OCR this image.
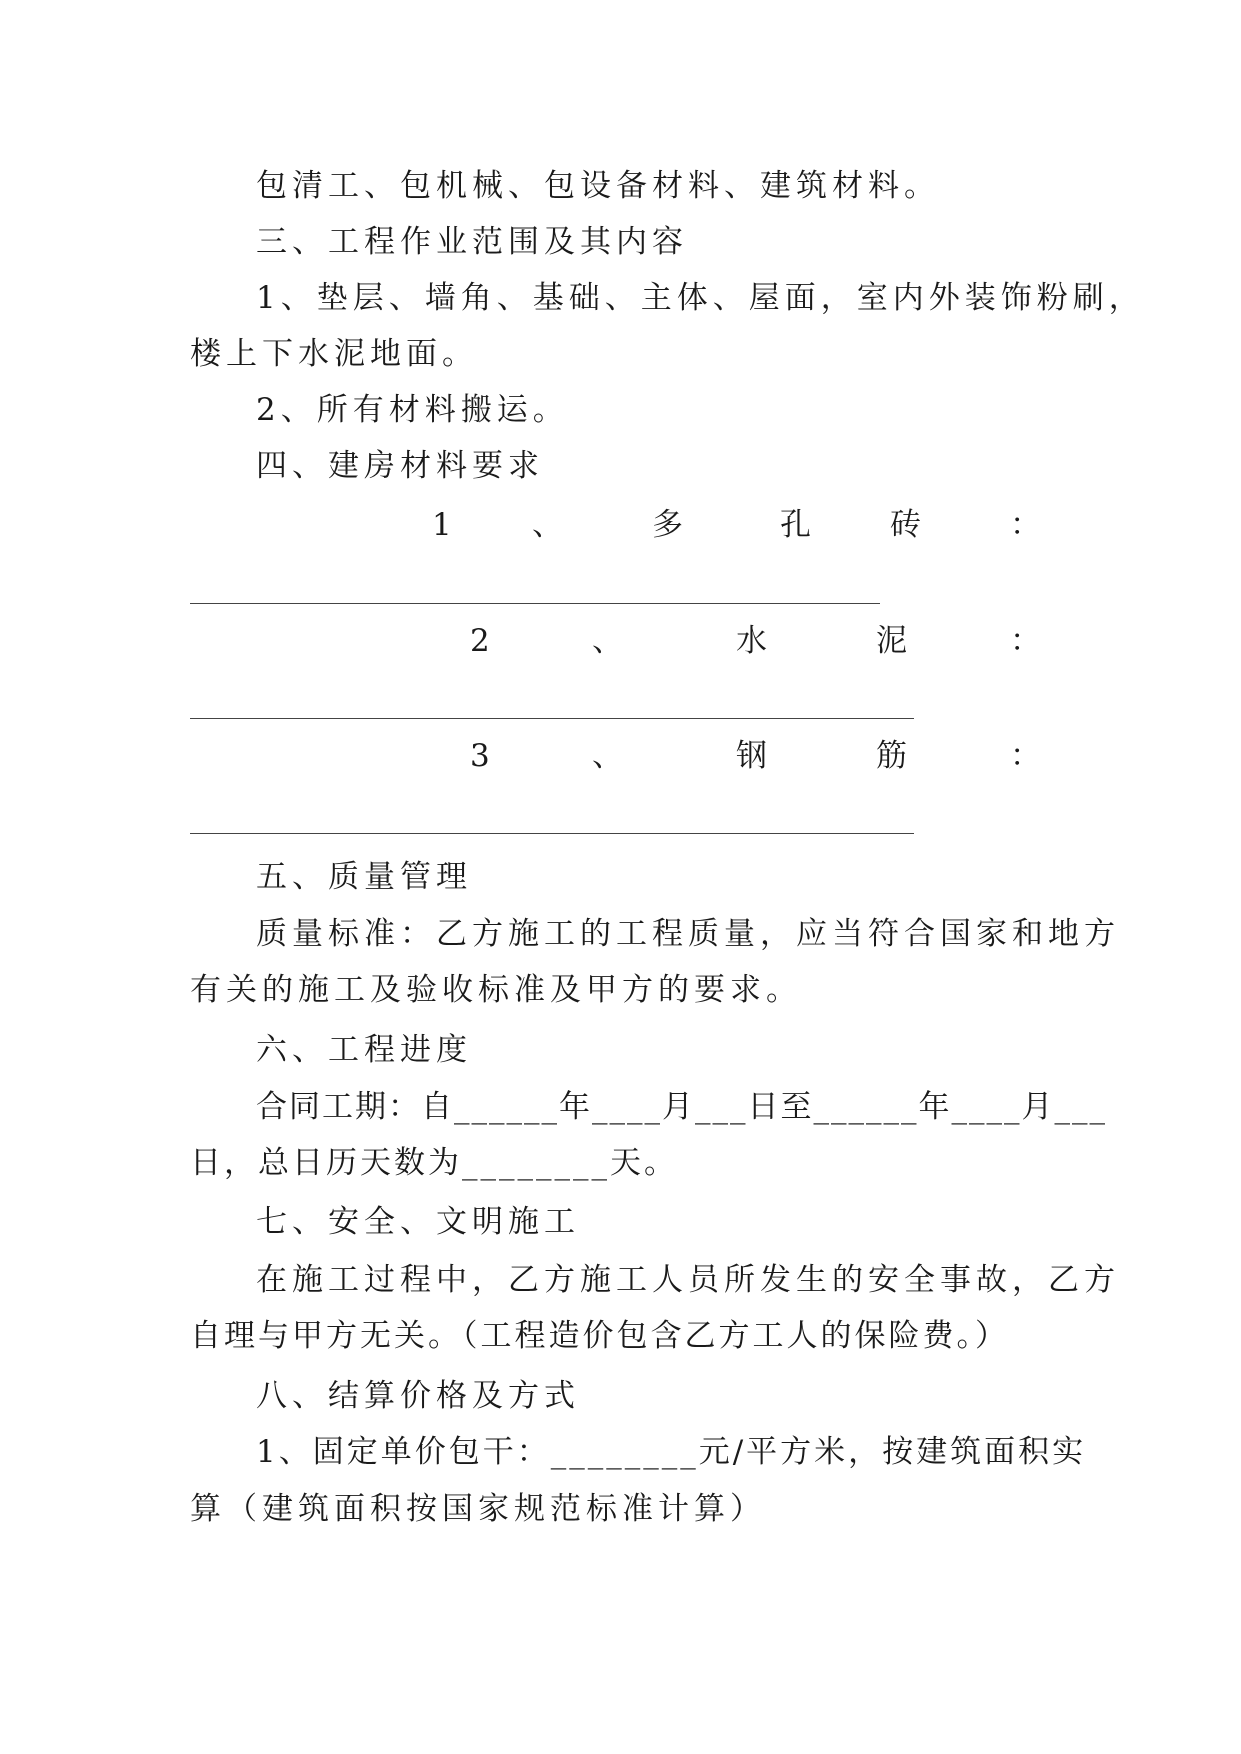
包清工、包机械、包设备材料、建筑材料。
三、工程作业范围及其内容
1、垫层、墙角、基础、主体、屋面，室内外装饰粉刷，
楼上下水泥地面。
2、所有材料搬运。
四、建房材料要求
1	、	多	孔	砖	：
2	、	水	泥	：
3	、	钢	筋	：
五、质量管理
质量标准：乙方施工的工程质量，应当符合国家和地方
有关的施工及验收标准及甲方的要求。
六、工程进度
合同工期：自______年____月___日至______年____月___
日，总日历天数为________天。
七、安全、文明施工
在施工过程中，乙方施工人员所发生的安全事故，乙方
自理与甲方无关。（工程造价包含乙方工人的保险费。）
八、结算价格及方式
1、固定单价包干：________元/平方米，按建筑面积实
算（建筑面积按国家规范标准计算）
